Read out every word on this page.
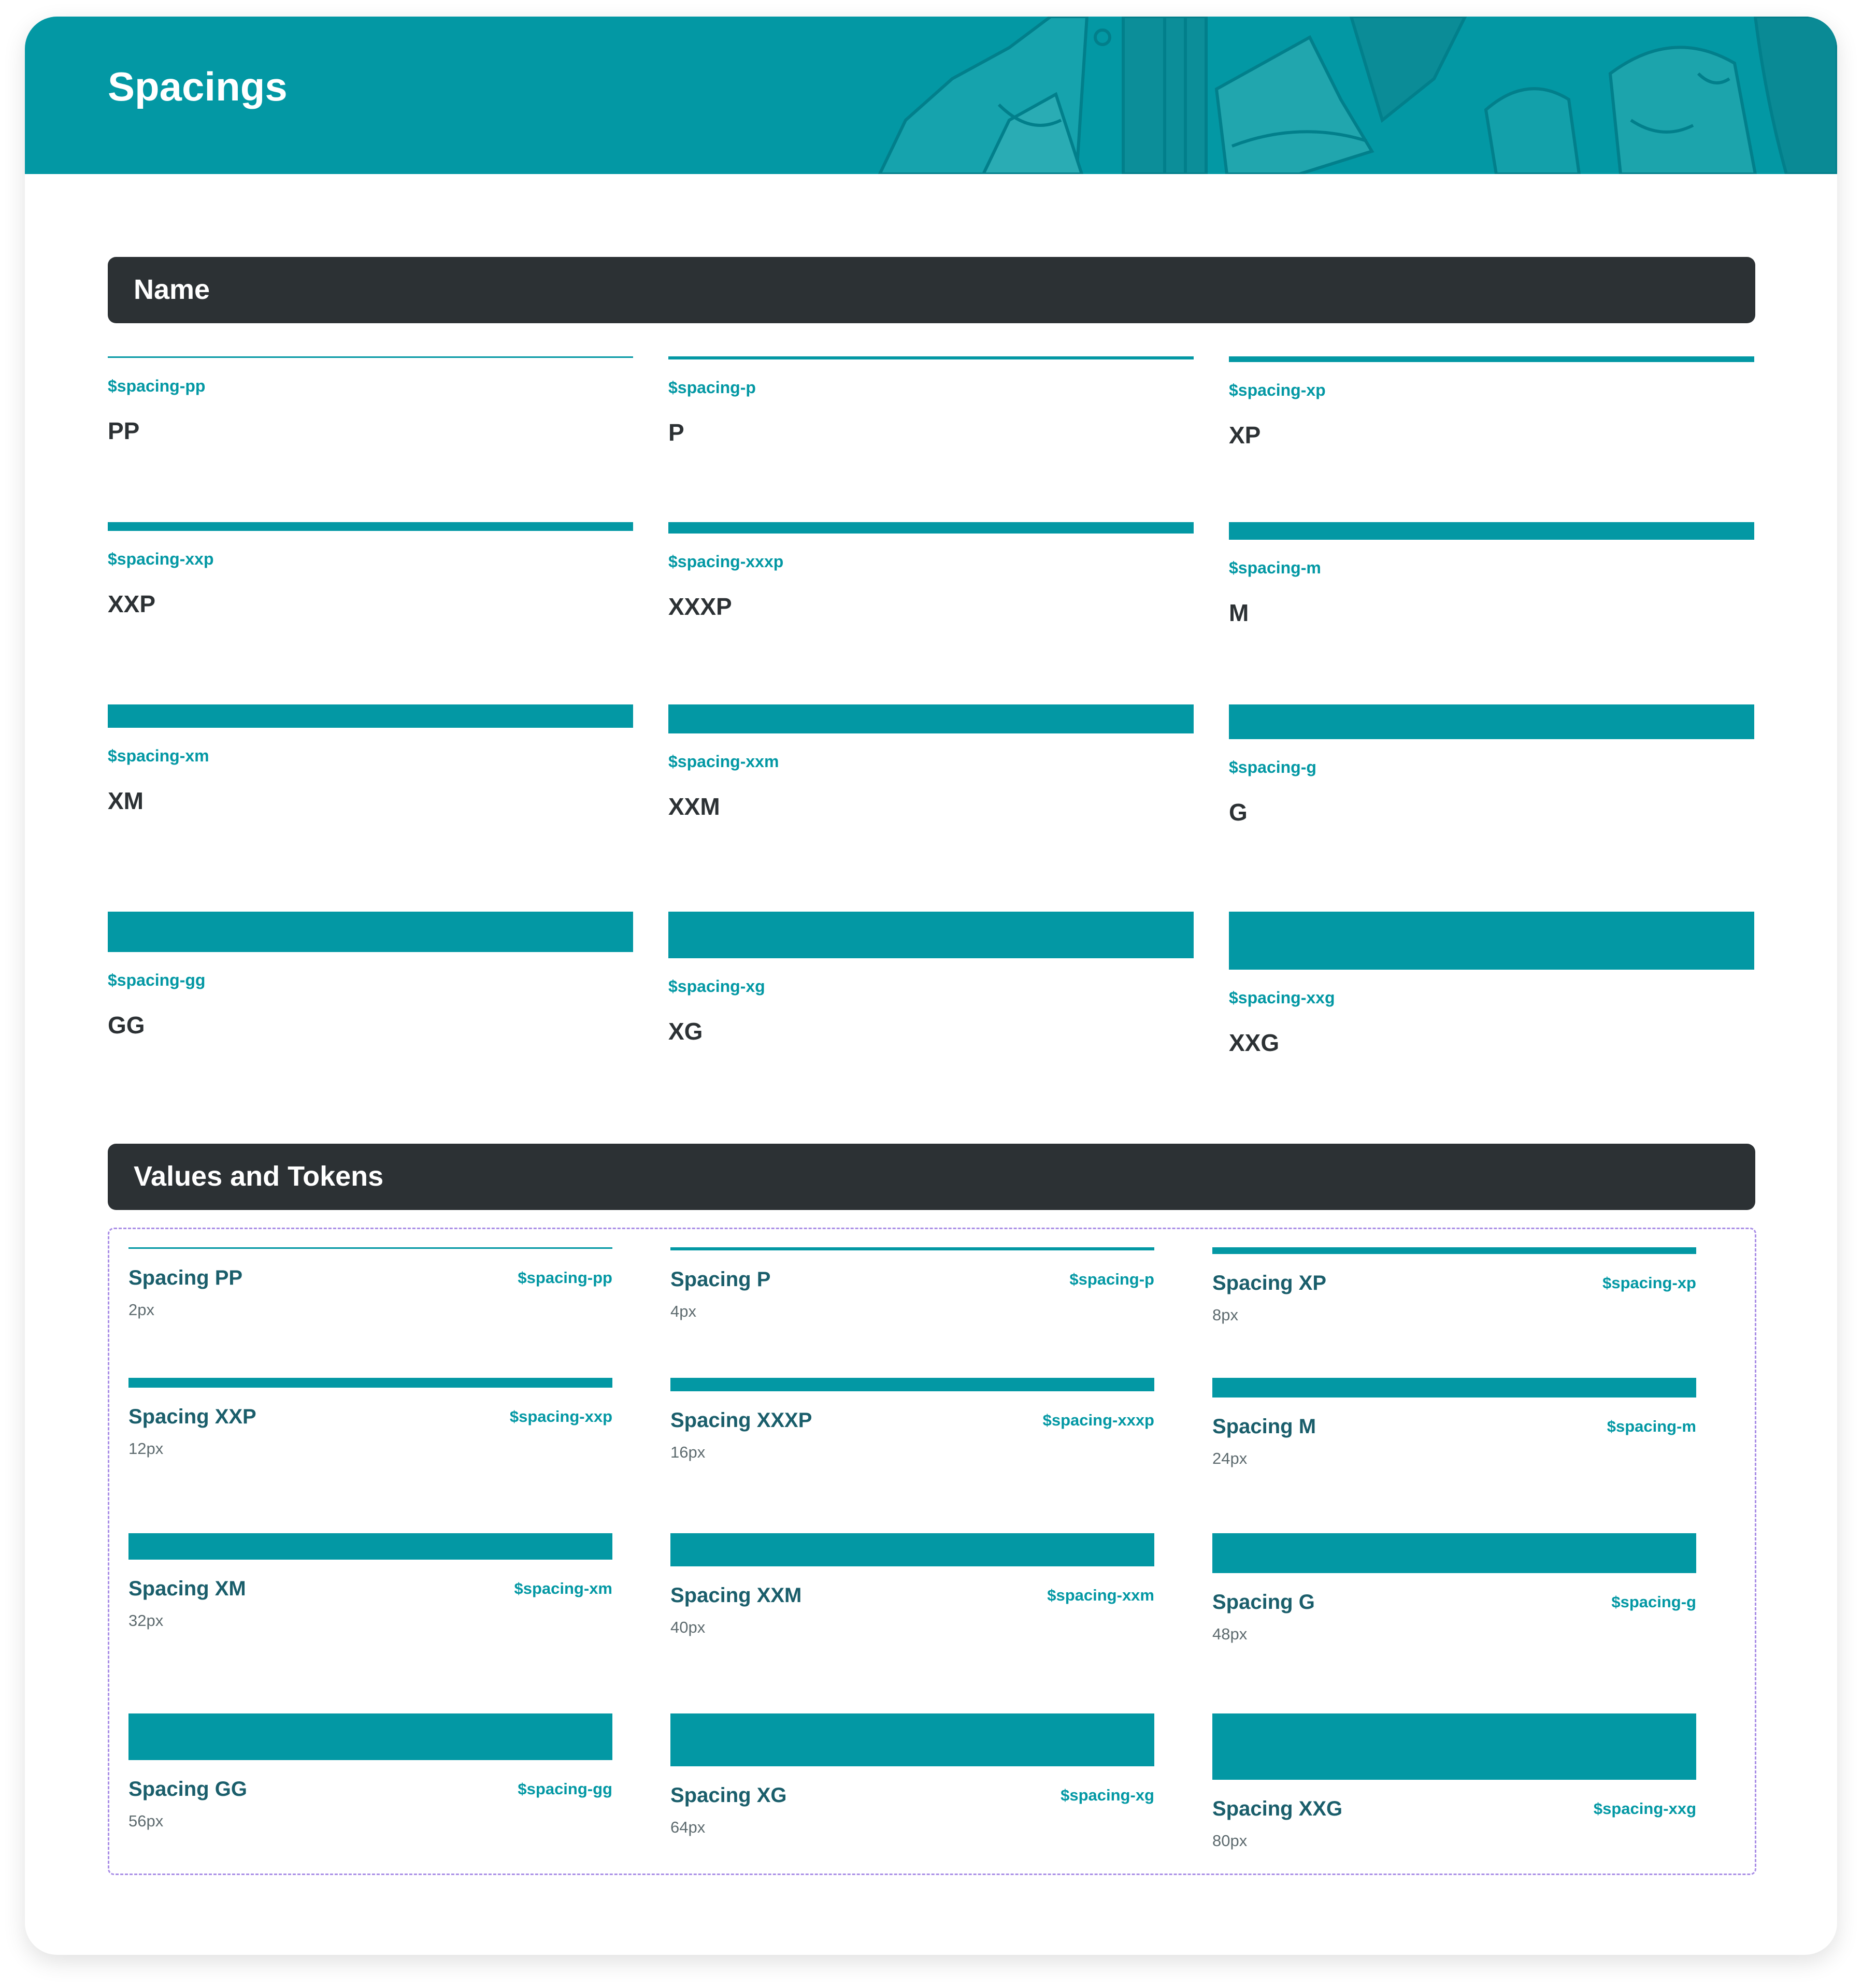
Spacings
Name
$spacing-pp
PP
$spacing-p
P
$spacing-xp
XP
$spacing-xxp
XXP
$spacing-xxxp
XXXP
$spacing-m
M
$spacing-xm
XM
$spacing-xxm
XXM
$spacing-g
G
$spacing-gg
GG
$spacing-xg
XG
$spacing-xxg
XXG
Values and Tokens
Spacing PP	$spacing-pp
2px
Spacing P	$spacing-p
4px
Spacing XP	$spacing-xp
8px
Spacing XXP	$spacing-xxp
12px
Spacing XXXP	$spacing-xxxp
16px
Spacing M	$spacing-m
24px
Spacing XM	$spacing-xm
32px
Spacing XXM	$spacing-xxm
40px
Spacing G	$spacing-g
48px
Spacing GG	$spacing-gg
56px
Spacing XG	$spacing-xg
64px
Spacing XXG	$spacing-xxg
80px
